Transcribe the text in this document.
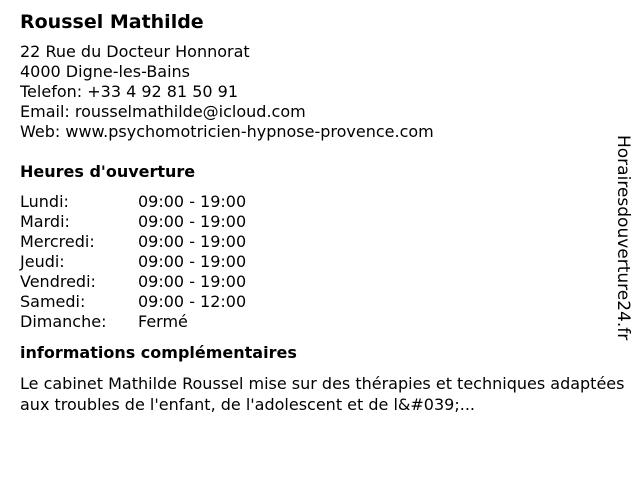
Roussel Mathilde
22 Rue du Docteur Honnorat
4000 Digne-les-Bains
Telefon: +33 4 92 81 50 91
Email: rousselmathilde@icloud.com
Web: www.psychomotricien-hypnose-provence.com
Heures d'ouverture
Lundi:	09:00 - 19:00
Mardi:	09:00 - 19:00
Mercredi:	09:00 - 19:00
Jeudi:	09:00 - 19:00
Vendredi:	09:00 - 19:00
Samedi:	09:00 - 12:00
Dimanche:	Fermé
informations complémentaires
Le cabinet Mathilde Roussel mise sur des thérapies et techniques adaptées aux troubles de l'enfant, de l'adolescent et de l&#039;...
Horairesdouverture24.fr
